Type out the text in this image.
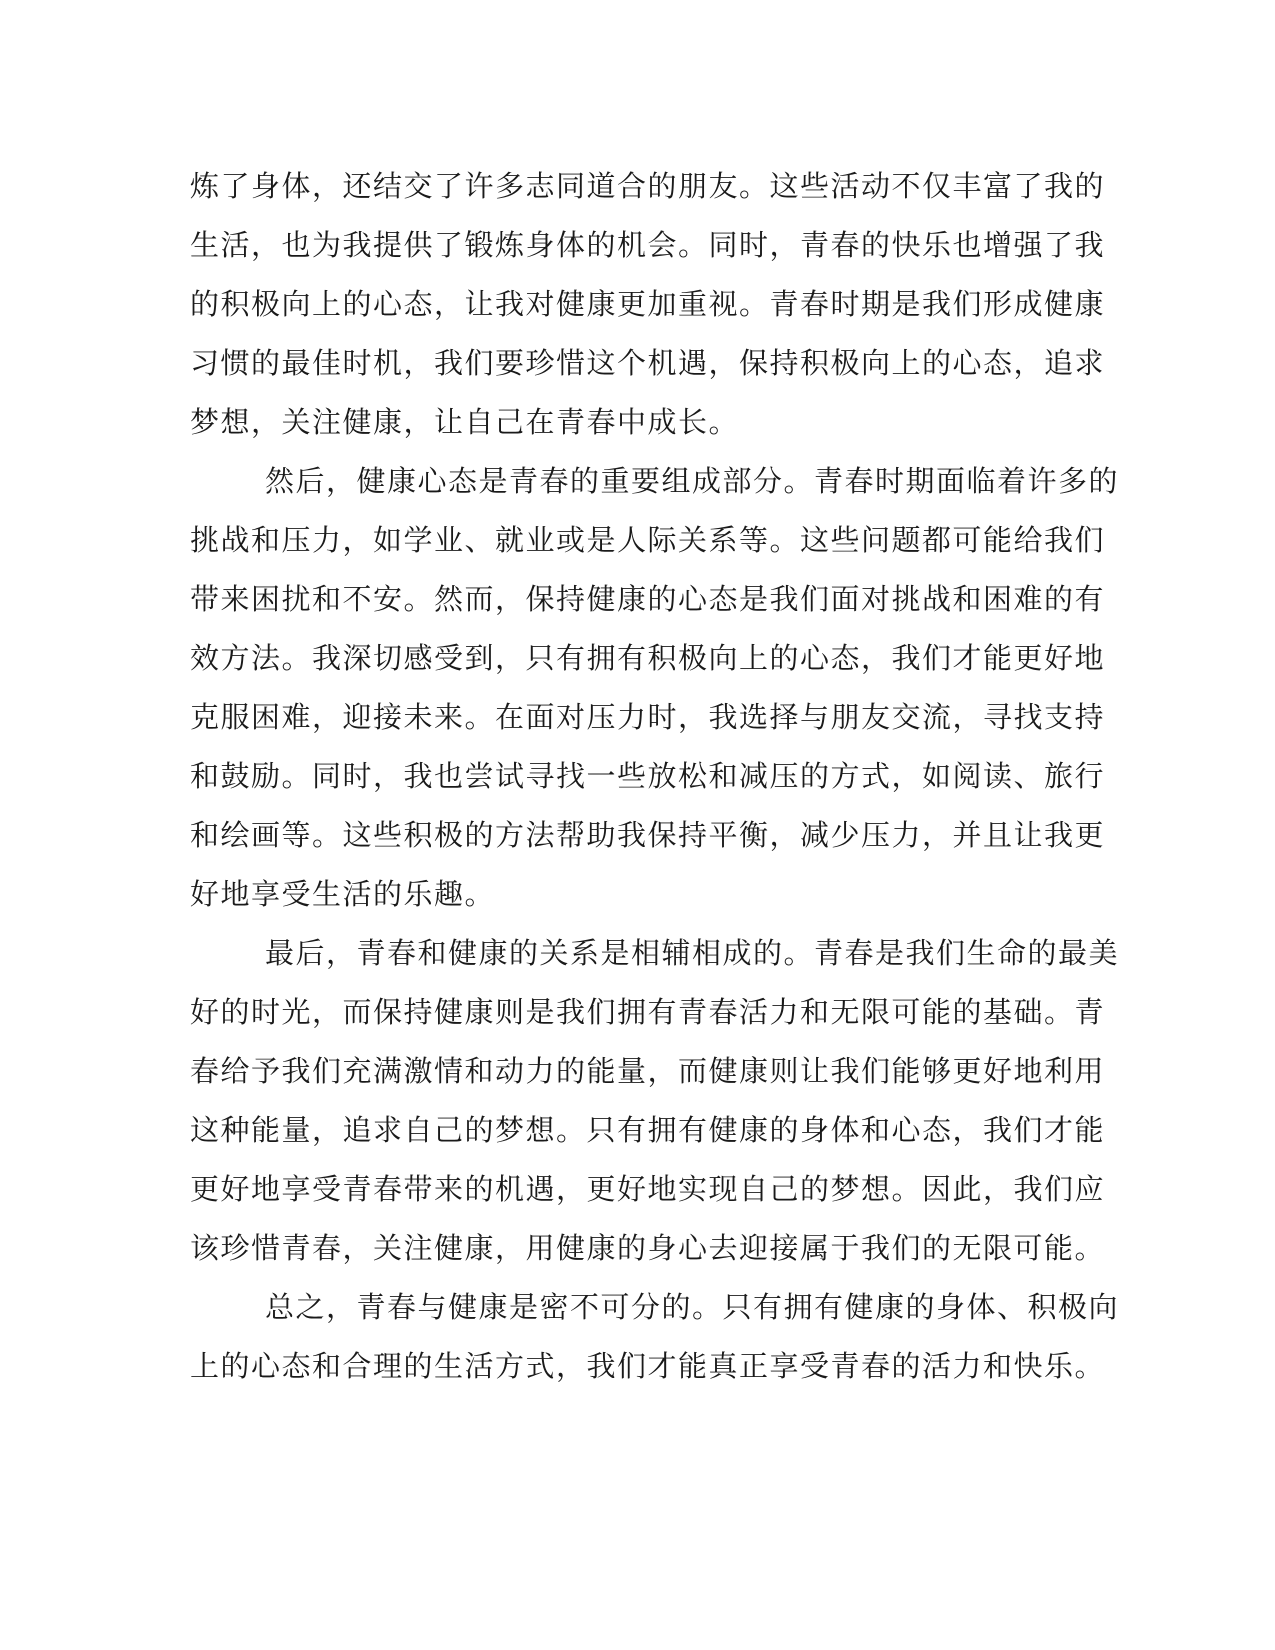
炼了身体，还结交了许多志同道合的朋友。这些活动不仅丰富了我的
生活，也为我提供了锻炼身体的机会。同时，青春的快乐也增强了我
的积极向上的心态，让我对健康更加重视。青春时期是我们形成健康
习惯的最佳时机，我们要珍惜这个机遇，保持积极向上的心态，追求
梦想，关注健康，让自己在青春中成长。
然后，健康心态是青春的重要组成部分。青春时期面临着许多的
挑战和压力，如学业、就业或是人际关系等。这些问题都可能给我们
带来困扰和不安。然而，保持健康的心态是我们面对挑战和困难的有
效方法。我深切感受到，只有拥有积极向上的心态，我们才能更好地
克服困难，迎接未来。在面对压力时，我选择与朋友交流，寻找支持
和鼓励。同时，我也尝试寻找一些放松和减压的方式，如阅读、旅行
和绘画等。这些积极的方法帮助我保持平衡，减少压力，并且让我更
好地享受生活的乐趣。
最后，青春和健康的关系是相辅相成的。青春是我们生命的最美
好的时光，而保持健康则是我们拥有青春活力和无限可能的基础。青
春给予我们充满激情和动力的能量，而健康则让我们能够更好地利用
这种能量，追求自己的梦想。只有拥有健康的身体和心态，我们才能
更好地享受青春带来的机遇，更好地实现自己的梦想。因此，我们应
该珍惜青春，关注健康，用健康的身心去迎接属于我们的无限可能。
总之，青春与健康是密不可分的。只有拥有健康的身体、积极向
上的心态和合理的生活方式，我们才能真正享受青春的活力和快乐。
